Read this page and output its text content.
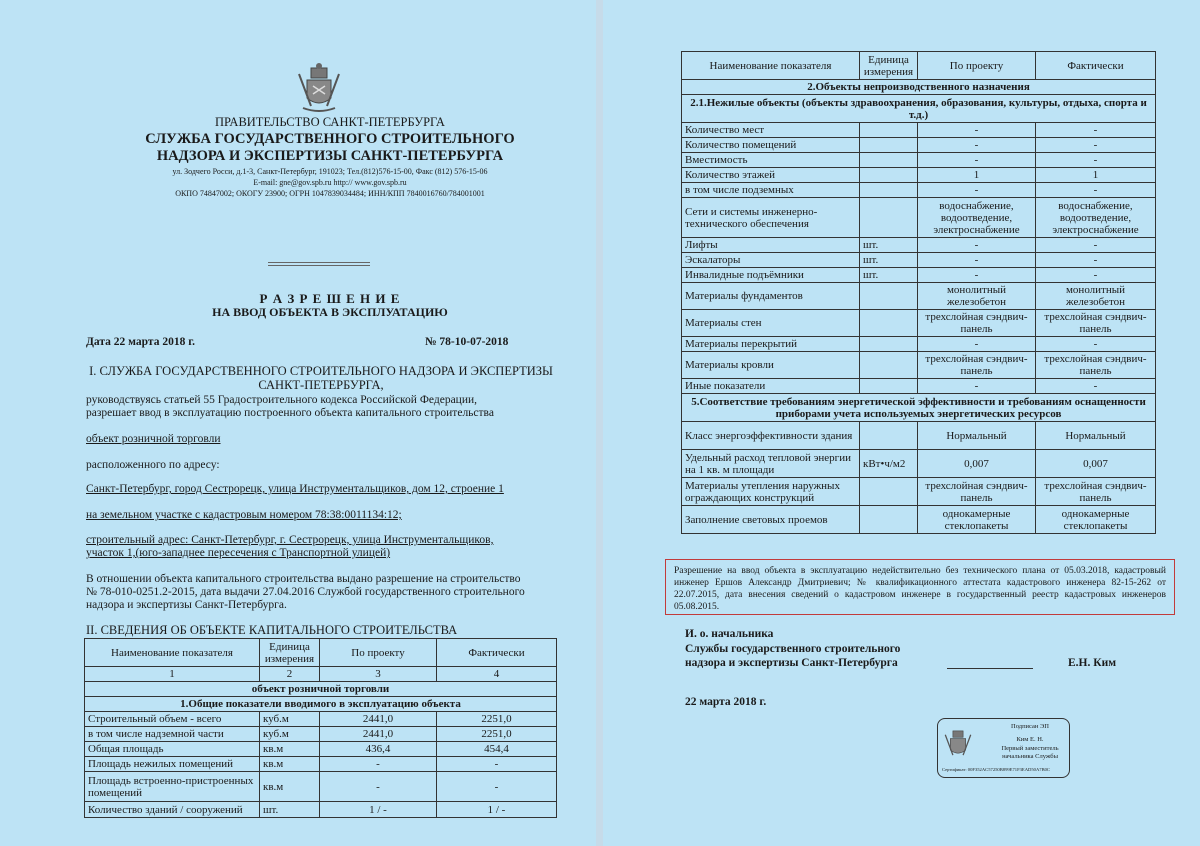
ПРАВИТЕЛЬСТВО САНКТ-ПЕТЕРБУРГА
СЛУЖБА ГОСУДАРСТВЕННОГО СТРОИТЕЛЬНОГО
НАДЗОРА И ЭКСПЕРТИЗЫ САНКТ-ПЕТЕРБУРГА
ул. Зодчего Росси, д.1-3, Санкт-Петербург, 191023; Тел.(812)576-15-00, Факс (812) 576-15-06
E-mail: gne@gov.spb.ru http:// www.gov.spb.ru
ОКПО 74847002; ОКОГУ 23900; ОГРН 1047839034484; ИНН/КПП 7840016760/784001001
Р А З Р Е Ш Е Н И Е
НА ВВОД ОБЪЕКТА В ЭКСПЛУАТАЦИЮ
Дата 22 марта 2018 г.	№ 78-10-07-2018
I. СЛУЖБА ГОСУДАРСТВЕННОГО СТРОИТЕЛЬНОГО НАДЗОРА И ЭКСПЕРТИЗЫ
САНКТ-ПЕТЕРБУРГА,
руководствуясь статьей 55 Градостроительного кодекса Российской Федерации,
разрешает ввод в эксплуатацию построенного объекта капитального строительства
объект розничной торговли
расположенного по адресу:
Санкт-Петербург, город Сестрорецк, улица Инструментальщиков, дом 12, строение 1
на земельном участке с кадастровым номером 78:38:0011134:12;
строительный адрес: Санкт-Петербург, г. Сестрорецк, улица Инструментальщиков,
участок 1,(юго-западнее пересечения с Транспортной улицей)
В отношении объекта капитального строительства выдано разрешение на строительство
№ 78-010-0251.2-2015, дата выдачи 27.04.2016 Службой государственного строительного
надзора и экспертизы Санкт-Петербурга.
II. СВЕДЕНИЯ ОБ ОБЪЕКТЕ КАПИТАЛЬНОГО СТРОИТЕЛЬСТВА
Наименование показателя	Единица измерения	По проекту	Фактически
1	2	3	4
объект розничной торговли			
1.Общие показатели вводимого в эксплуатацию объекта			
Строительный объем - всего	куб.м	2441,0	2251,0
в том числе надземной части	куб.м	2441,0	2251,0
Общая площадь	кв.м	436,4	454,4
Площадь нежилых помещений	кв.м	-	-
Площадь встроенно-пристроенных помещений	кв.м	-	-
Количество зданий / сооружений	шт.	1 / -	1 / -
Наименование показателя	Единица измерения	По проекту	Фактически
2.Объекты непроизводственного назначения			
2.1.Нежилые объекты (объекты здравоохранения, образования, культуры, отдыха, спорта и т.д.)			
Количество мест		-	-
Количество помещений		-	-
Вместимость		-	-
Количество этажей		1	1
в том числе подземных		-	-
Сети и системы инженерно-технического обеспечения		водоснабжение, водоотведение, электроснабжение	водоснабжение, водоотведение, электроснабжение
Лифты	шт.	-	-
Эскалаторы	шт.	-	-
Инвалидные подъёмники	шт.	-	-
Материалы фундаментов		монолитный железобетон	монолитный железобетон
Материалы стен		трехслойная сэндвич-панель	трехслойная сэндвич-панель
Материалы перекрытий		-	-
Материалы кровли		трехслойная сэндвич-панель	трехслойная сэндвич-панель
Иные показатели		-	-
5.Соответствие требованиям энергетической эффективности и требованиям оснащенности приборами учета используемых энергетических ресурсов			
Класс энергоэффективности здания		Нормальный	Нормальный
Удельный расход тепловой энергии на 1 кв. м площади	кВт•ч/м2	0,007	0,007
Материалы утепления наружных ограждающих конструкций		трехслойная сэндвич-панель	трехслойная сэндвич-панель
Заполнение световых проемов		однокамерные стеклопакеты	однокамерные стеклопакеты
Разрешение на ввод объекта в эксплуатацию недействительно без технического плана от 05.03.2018, кадастровый инженер Ершов Александр Дмитриевич; № квалификационного аттестата кадастрового инженера 82-15-262 от 22.07.2015, дата внесения сведений о кадастровом инженере в государственный реестр кадастровых инженеров 05.08.2015.
И. о. начальника
Службы государственного строительного
надзора и экспертизы Санкт-Петербурга	Е.Н. Ким
22 марта 2018 г.
Подписан ЭП
Ким Е. Н.
Первый заместитель
начальника Службы
Сертификат: 00F352AC57250B899E71F3EAD50A7B0C
